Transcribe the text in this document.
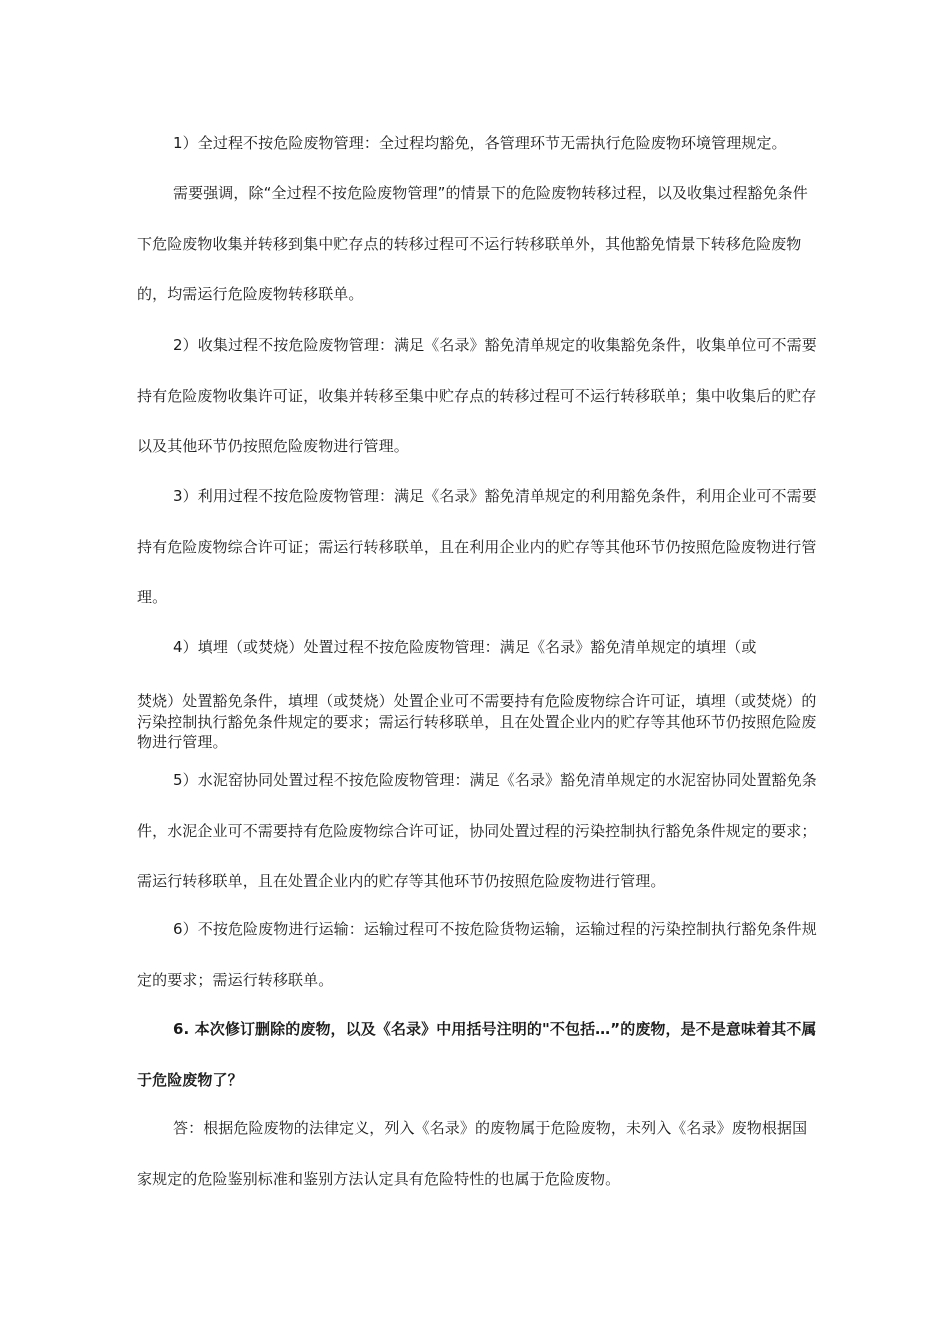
1）全过程不按危险废物管理：全过程均豁免，各管理环节无需执行危险废物环境管理规定。

需要强调，除“全过程不按危险废物管理”的情景下的危险废物转移过程，以及收集过程豁免条件下危险废物收集并转移到集中贮存点的转移过程可不运行转移联单外，其他豁免情景下转移危险废物的，均需运行危险废物转移联单。

2）收集过程不按危险废物管理：满足《名录》豁免清单规定的收集豁免条件，收集单位可不需要持有危险废物收集许可证，收集并转移至集中贮存点的转移过程可不运行转移联单；集中收集后的贮存以及其他环节仍按照危险废物进行管理。

3）利用过程不按危险废物管理：满足《名录》豁免清单规定的利用豁免条件，利用企业可不需要持有危险废物综合许可证；需运行转移联单，且在利用企业内的贮存等其他环节仍按照危险废物进行管理。

4）填埋（或焚烧）处置过程不按危险废物管理：满足《名录》豁免清单规定的填埋（或

焚烧）处置豁免条件，填埋（或焚烧）处置企业可不需要持有危险废物综合许可证，填埋（或焚烧）的污染控制执行豁免条件规定的要求；需运行转移联单，且在处置企业内的贮存等其他环节仍按照危险废物进行管理。

5）水泥窑协同处置过程不按危险废物管理：满足《名录》豁免清单规定的水泥窑协同处置豁免条件，水泥企业可不需要持有危险废物综合许可证，协同处置过程的污染控制执行豁免条件规定的要求；需运行转移联单，且在处置企业内的贮存等其他环节仍按照危险废物进行管理。

6）不按危险废物进行运输：运输过程可不按危险货物运输，运输过程的污染控制执行豁免条件规定的要求；需运行转移联单。

6. 本次修订删除的废物，以及《名录》中用括号注明的"不包括…”的废物，是不是意味着其不属于危险废物了？

答：根据危险废物的法律定义，列入《名录》的废物属于危险废物，未列入《名录》废物根据国家规定的危险鉴别标准和鉴别方法认定具有危险特性的也属于危险废物。
